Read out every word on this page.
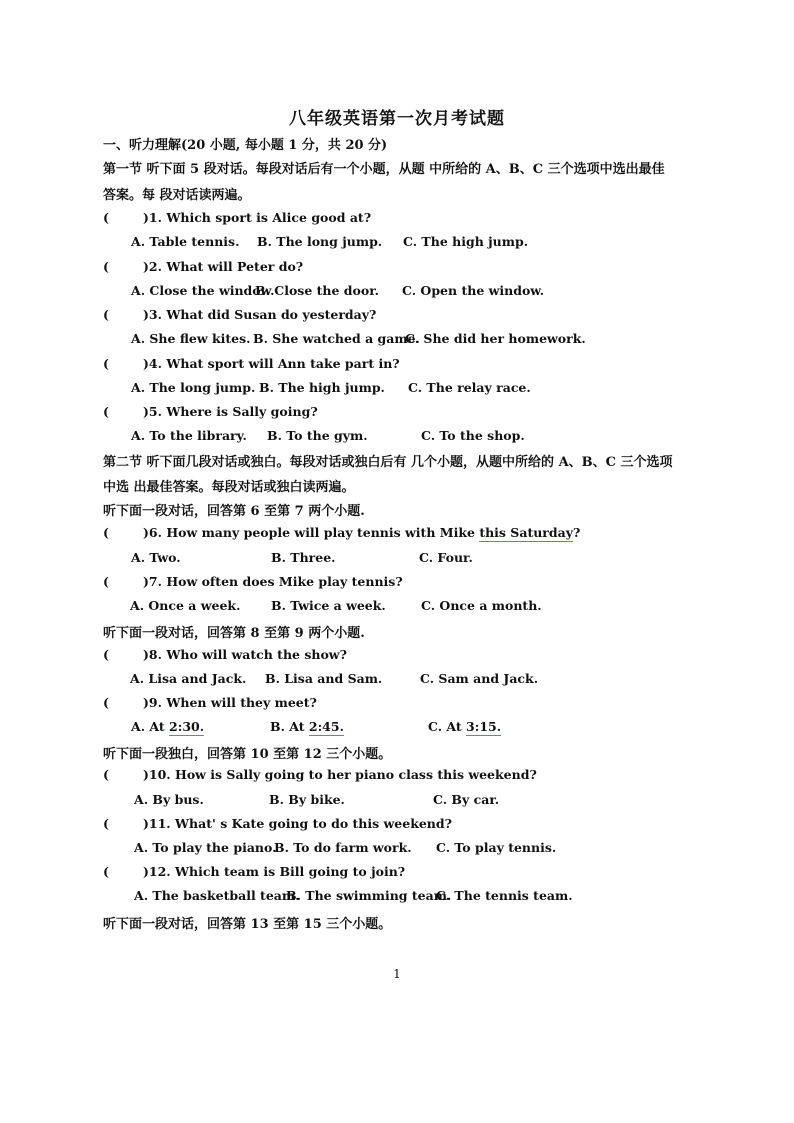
八年级英语第一次月考试题
一、听力理解(20 小题, 每小题 1 分，共 20 分)
第一节 听下面 5 段对话。每段对话后有一个小题，从题 中所给的 A、B、C 三个选项中选出最佳
答案。每 段对话读两遍。
(	)1. Which sport is Alice good at?
A. Table tennis. B. The long jump. C. The high jump.
(	)2. What will Peter do?
A. Close the window.
B. Close the door. C. Open the window.
(	)3. What did Susan do yesterday?
A. She flew kites. B. She watched a game.
C. She did her homework.
(	)4. What sport will Ann take part in?
A. The long jump. B. The high jump. C. The relay race.
(	)5. Where is Sally going?
A. To the library. B. To the gym.	C. To the shop.
第二节 听下面几段对话或独白。每段对话或独白后有 几个小题，从题中所给的 A、B、C 三个选项
中选 出最佳答案。每段对话或独白读两遍。
听下面一段对话，回答第 6 至第 7 两个小题.
(	)6. How many people will play tennis with Mike this Saturday?
A. Two.	B. Three.	C. Four.
(	)7. How often does Mike play tennis?
A. Once a week. B. Twice a week.	C. Once a month.
听下面一段对话，回答第 8 至第 9 两个小题.
(	)8. Who will watch the show?
A. Lisa and Jack. B. Lisa and Sam.	C. Sam and Jack.
(	)9. When will they meet?
A. At 2:30.	B. At 2:45.	C. At 3:15.
听下面一段独白，回答第 10 至第 12 三个小题。
(	)10. How is Sally going to her piano class this weekend?
A. By bus.	B. By bike.	C. By car.
(	)11. What' s Kate going to do this weekend?
A. To play the piano.
B. To do farm work. C. To play tennis.
(	)12. Which team is Bill going to join?
A. The basketball team.
B. The swimming team.
C. The tennis team.
听下面一段对话，回答第 13 至第 15 三个小题。
1
